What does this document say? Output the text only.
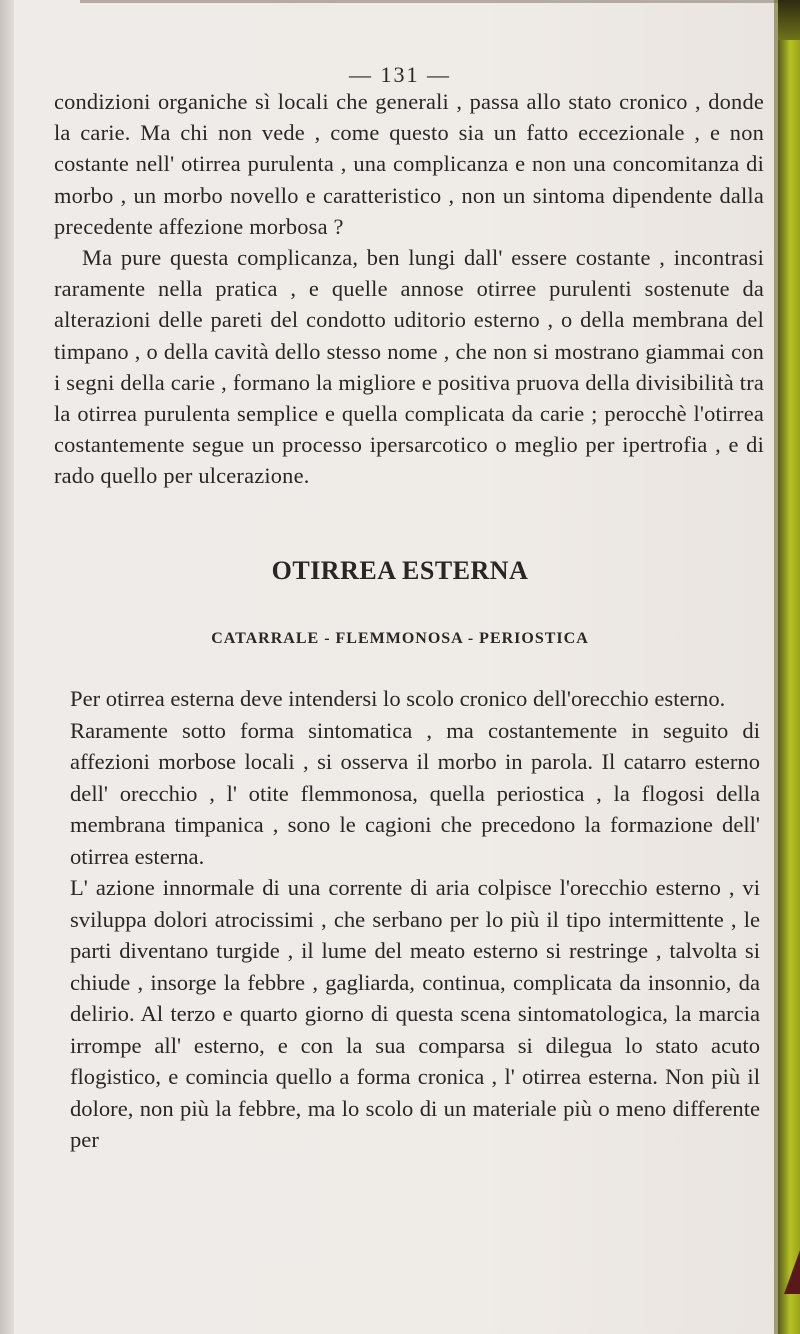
— 131 —

condizioni organiche sì locali che generali , passa allo stato cronico , donde la carie. Ma chi non vede , come questo sia un fatto eccezionale , e non costante nell' otirrea purulenta , una complicanza e non una concomitanza di morbo , un morbo novello e caratteristico , non un sintoma dipendente dalla precedente affezione morbosa ?

Ma pure questa complicanza, ben lungi dall' essere costante , incontrasi raramente nella pratica , e quelle annose otirree purulenti sostenute da alterazioni delle pareti del condotto uditorio esterno , o della membrana del timpano , o della cavità dello stesso nome , che non si mostrano giammai con i segni della carie , formano la migliore e positiva pruova della divisibilità tra la otirrea purulenta semplice e quella complicata da carie ; perocchè l'otirrea costantemente segue un processo ipersarcotico o meglio per ipertrofia , e di rado quello per ulcerazione.

OTIRREA ESTERNA
CATARRALE - FLEMMONOSA - PERIOSTICA

Per otirrea esterna deve intendersi lo scolo cronico dell'orecchio esterno.

Raramente sotto forma sintomatica , ma costantemente in seguito di affezioni morbose locali , si osserva il morbo in parola. Il catarro esterno dell' orecchio , l' otite flemmonosa, quella periostica , la flogosi della membrana timpanica , sono le cagioni che precedono la formazione dell' otirrea esterna.

L' azione innormale di una corrente di aria colpisce l'orecchio esterno , vi sviluppa dolori atrocissimi , che serbano per lo più il tipo intermittente , le parti diventano turgide , il lume del meato esterno si restringe , talvolta si chiude , insorge la febbre , gagliarda, continua, complicata da insonnio, da delirio. Al terzo e quarto giorno di questa scena sintomatologica, la marcia irrompe all' esterno, e con la sua comparsa si dilegua lo stato acuto flogistico, e comincia quello a forma cronica , l' otirrea esterna. Non più il dolore, non più la febbre, ma lo scolo di un materiale più o meno differente per
